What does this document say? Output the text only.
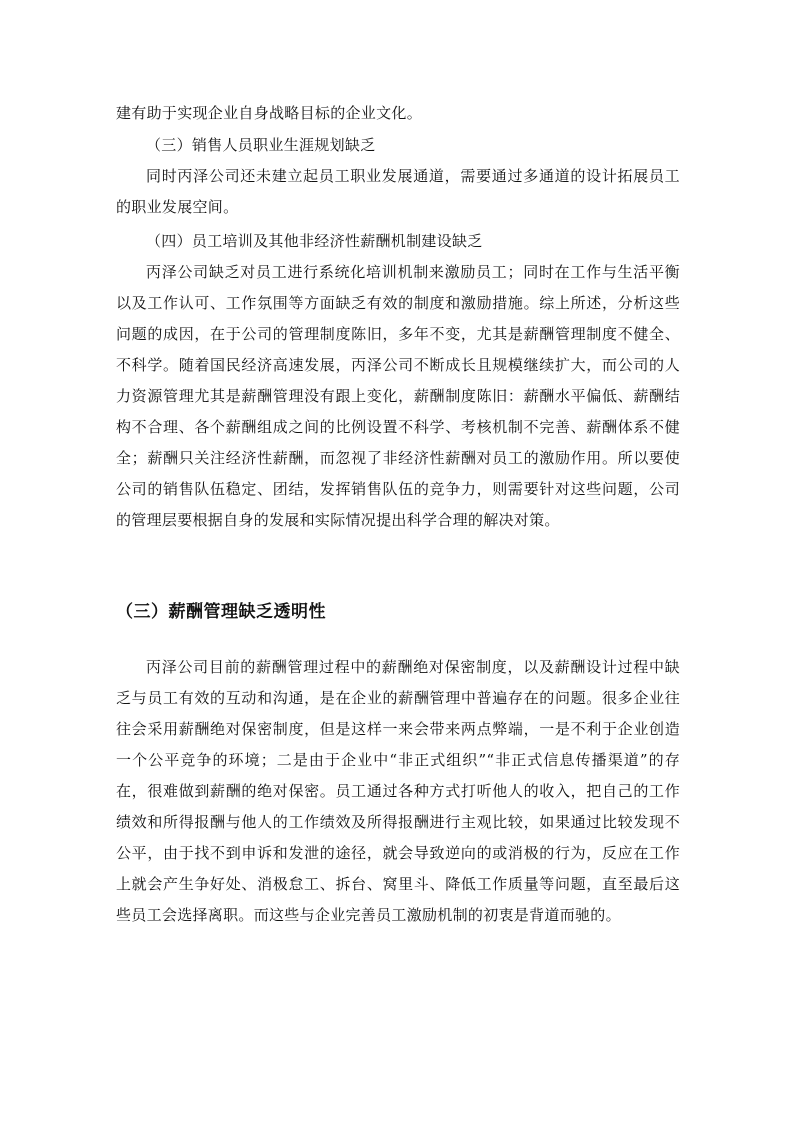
建有助于实现企业自身战略目标的企业文化。

（三）销售人员职业生涯规划缺乏

同时丙泽公司还未建立起员工职业发展通道，需要通过多通道的设计拓展员工的职业发展空间。

（四）员工培训及其他非经济性薪酬机制建设缺乏

丙泽公司缺乏对员工进行系统化培训机制来激励员工；同时在工作与生活平衡以及工作认可、工作氛围等方面缺乏有效的制度和激励措施。综上所述，分析这些问题的成因，在于公司的管理制度陈旧，多年不变，尤其是薪酬管理制度不健全、不科学。随着国民经济高速发展，丙泽公司不断成长且规模继续扩大，而公司的人力资源管理尤其是薪酬管理没有跟上变化，薪酬制度陈旧：薪酬水平偏低、薪酬结构不合理、各个薪酬组成之间的比例设置不科学、考核机制不完善、薪酬体系不健全；薪酬只关注经济性薪酬，而忽视了非经济性薪酬对员工的激励作用。所以要使公司的销售队伍稳定、团结，发挥销售队伍的竞争力，则需要针对这些问题，公司的管理层要根据自身的发展和实际情况提出科学合理的解决对策。

（三）薪酬管理缺乏透明性

丙泽公司目前的薪酬管理过程中的薪酬绝对保密制度，以及薪酬设计过程中缺乏与员工有效的互动和沟通，是在企业的薪酬管理中普遍存在的问题。很多企业往往会采用薪酬绝对保密制度，但是这样一来会带来两点弊端，一是不利于企业创造一个公平竞争的环境；二是由于企业中“非正式组织”“非正式信息传播渠道”的存在，很难做到薪酬的绝对保密。员工通过各种方式打听他人的收入，把自己的工作绩效和所得报酬与他人的工作绩效及所得报酬进行主观比较，如果通过比较发现不公平，由于找不到申诉和发泄的途径，就会导致逆向的或消极的行为，反应在工作上就会产生争好处、消极怠工、拆台、窝里斗、降低工作质量等问题，直至最后这些员工会选择离职。而这些与企业完善员工激励机制的初衷是背道而驰的。
